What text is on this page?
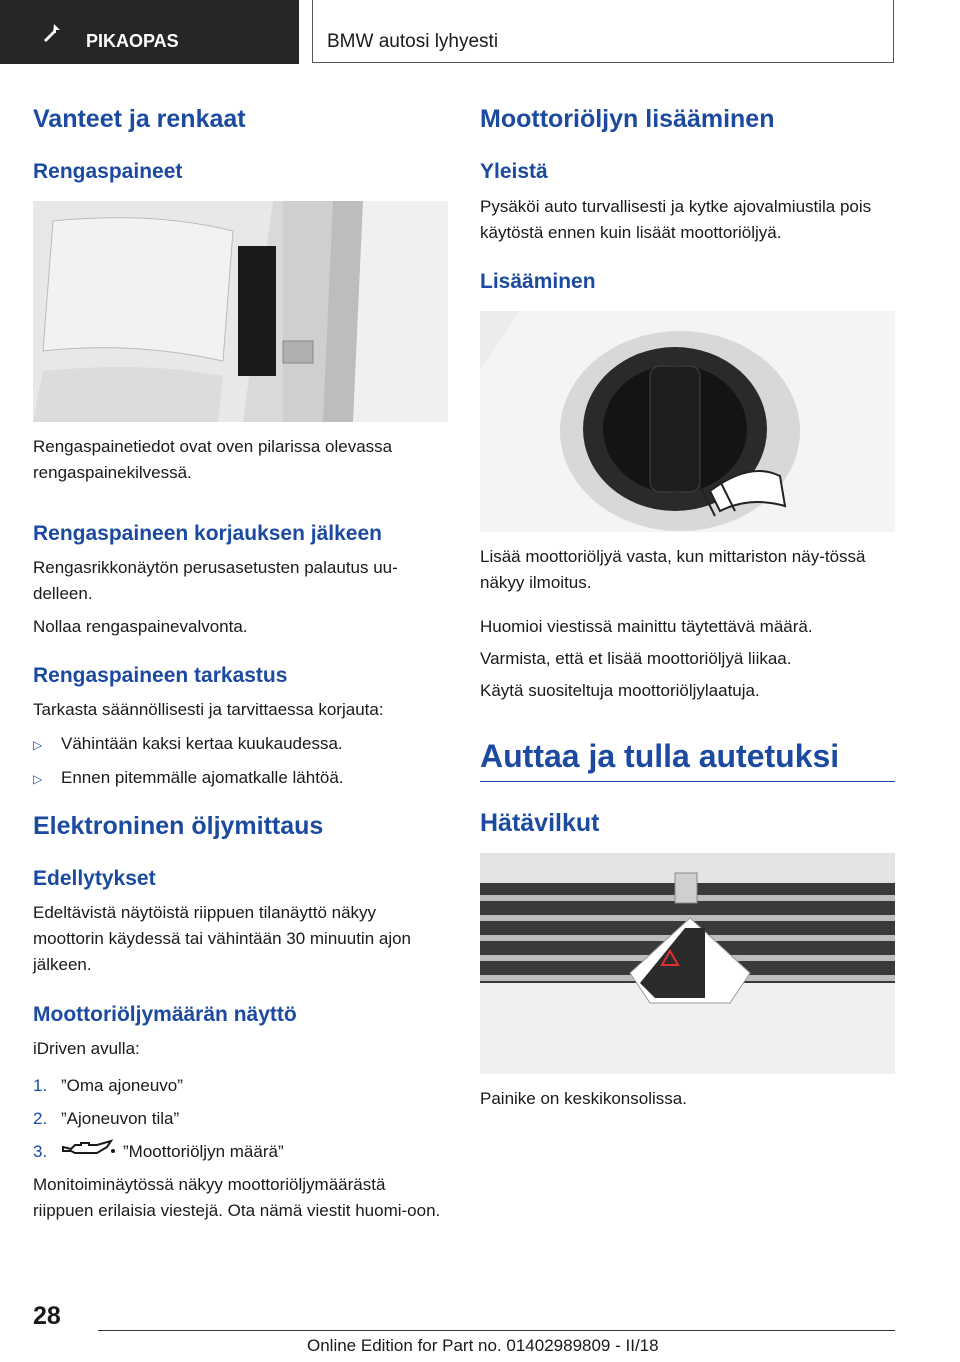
PIKAOPAS	BMW autosi lyhyesti
Vanteet ja renkaat
Rengaspaineet

Rengaspainetiedot ovat oven pilarissa olevassa rengaspainekilvessä.

Rengaspaineen korjauksen jälkeen

Rengasrikkonäytön perusasetusten palautus uu-delleen.

Nollaa rengaspainevalvonta.

Rengaspaineen tarkastus

Tarkasta säännöllisesti ja tarvittaessa korjauta:

▷ Vähintään kaksi kertaa kuukaudessa.
▷ Ennen pitemmälle ajomatkalle lähtöä.
Elektroninen öljymittaus
Edellytykset

Edeltävistä näytöistä riippuen tilanäyttö näkyy moottorin käydessä tai vähintään 30 minuutin ajon jälkeen.

Moottoriöljymäärän näyttö

iDriven avulla:

1. ”Oma ajoneuvo”
2. ”Ajoneuvon tila”
3.	”Moottoriöljyn määrä”

Monitoiminäytössä näkyy moottoriöljymäärästä riippuen erilaisia viestejä. Ota nämä viestit huomi-oon.

Moottoriöljyn lisääminen
Yleistä

Pysäköi auto turvallisesti ja kytke ajovalmiustila pois käytöstä ennen kuin lisäät moottoriöljyä.

Lisääminen

Lisää moottoriöljyä vasta, kun mittariston näy-tössä näkyy ilmoitus.

Huomioi viestissä mainittu täytettävä määrä.

Varmista, että et lisää moottoriöljyä liikaa.

Käytä suositeltuja moottoriöljylaatuja.

Auttaa ja tulla autetuksi
Hätävilkut

Painike on keskikonsolissa.

28
Online Edition for Part no. 01402989809 - II/18
